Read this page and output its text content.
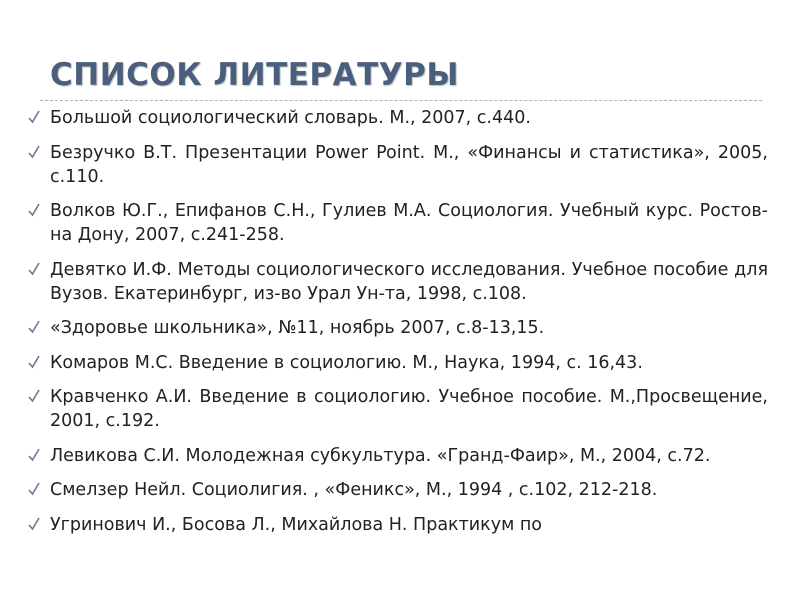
СПИСОК ЛИТЕРАТУРЫ
Большой социологический словарь. М., 2007, с.440.
Безручко В.Т. Презентации Power Point. М., «Финансы и статистика», 2005, с.110.
Волков Ю.Г., Епифанов С.Н., Гулиев М.А. Социология. Учебный курс. Ростов-на Дону, 2007, с.241-258.
Девятко И.Ф. Методы социологического исследования. Учебное пособие для Вузов. Екатеринбург, из-во Урал Ун-та, 1998, с.108.
«Здоровье школьника», №11, ноябрь 2007, с.8-13,15.
Комаров М.С. Введение в социологию. М., Наука, 1994, с. 16,43.
Кравченко А.И. Введение в социологию. Учебное пособие. М.,Просвещение, 2001, с.192.
Левикова С.И. Молодежная субкультура. «Гранд-Фаир», М., 2004, с.72.
Смелзер Нейл. Социолигия. , «Феникс», М., 1994 , с.102, 212-218.
Угринович И., Босова Л., Михайлова Н. Практикум по
